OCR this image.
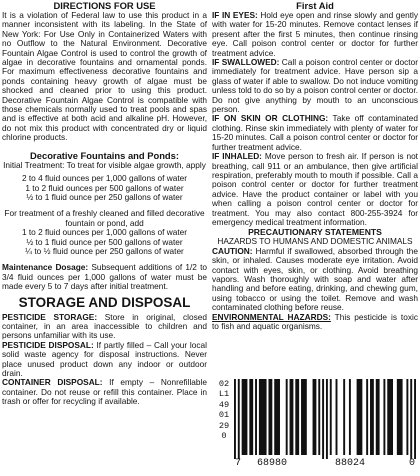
DIRECTIONS FOR USE

It is a violation of Federal law to use this product in a manner inconsistent with its labeling. In the State of New York: For Use Only in Containerized Waters with no Outflow to the Natural Environment. Decorative Fountain Algae Control is used to control the growth of algae in decorative fountains and ornamental ponds. For maximum effectiveness decorative fountains and ponds containing heavy growth of algae must be shocked and cleaned prior to using this product. Decorative Fountain Algae Control is compatible with those chemicals normally used to treat pools and spas and is effective at both acid and alkaline pH. However, do not mix this product with concentrated dry or liquid chlorine products.

Decorative Fountains and Ponds:

Initial Treatment: To treat for visible algae growth, apply

2 to 4 fluid ounces per 1,000 gallons of water
1 to 2 fluid ounces per 500 gallons of water
½ to 1 fluid ounce per 250 gallons of water

For treatment of a freshly cleaned and filled decorative fountain or pond, add

1 to 2 fluid ounces per 1,000 gallons of water
½ to 1 fluid ounce per 500 gallons of water
¼ to ½ fluid ounce per 250 gallons of water

Maintenance Dosage: Subsequent additions of 1/2 to 3/4 fluid ounces per 1,000 gallons of water must be made every 5 to 7 days after initial treatment.

STORAGE AND DISPOSAL

PESTICIDE STORAGE: Store in original, closed container, in an area inaccessible to children and persons unfamiliar with its use.

PESTICIDE DISPOSAL: If partly filled – Call your local solid waste agency for disposal instructions. Never place unused product down any indoor or outdoor drain.

CONTAINER DISPOSAL: If empty – Nonrefillable container. Do not reuse or refill this container. Place in trash or offer for recycling if available.

First Aid

IF IN EYES: Hold eye open and rinse slowly and gently with water for 15-20 minutes. Remove contact lenses if present after the first 5 minutes, then continue rinsing eye. Call poison control center or doctor for further treatment advice.

IF SWALLOWED: Call a poison control center or doctor immediately for treatment advice. Have person sip a glass of water if able to swallow. Do not induce vomiting unless told to do so by a poison control center or doctor. Do not give anything by mouth to an unconscious person.

IF ON SKIN OR CLOTHING: Take off contaminated clothing. Rinse skin immediately with plenty of water for 15-20 minutes. Call a poison control center or doctor for further treatment advice.

IF INHALED: Move person to fresh air. If person is not breathing, call 911 or an ambulance, then give artificial respiration, preferably mouth to mouth if possible. Call a poison control center or doctor for further treatment advice. Have the product container or label with you when calling a poison control center or doctor for treatment. You may also contact 800-255-3924 for emergency medical treatment information.

PRECAUTIONARY STATEMENTS
HAZARDS TO HUMANS AND DOMESTIC ANIMALS

CAUTION: Harmful if swallowed, absorbed through the skin, or inhaled. Causes moderate eye irritation. Avoid contact with eyes, skin, or clothing. Avoid breathing vapors. Wash thoroughly with soap and water after handling and before eating, drinking, and chewing gum, using tobacco or using the toilet. Remove and wash contaminated clothing before reuse.

ENVIRONMENTAL HAZARDS: This pesticide is toxic to fish and aquatic organisms.

02L14901290
7 68980	88024	0
